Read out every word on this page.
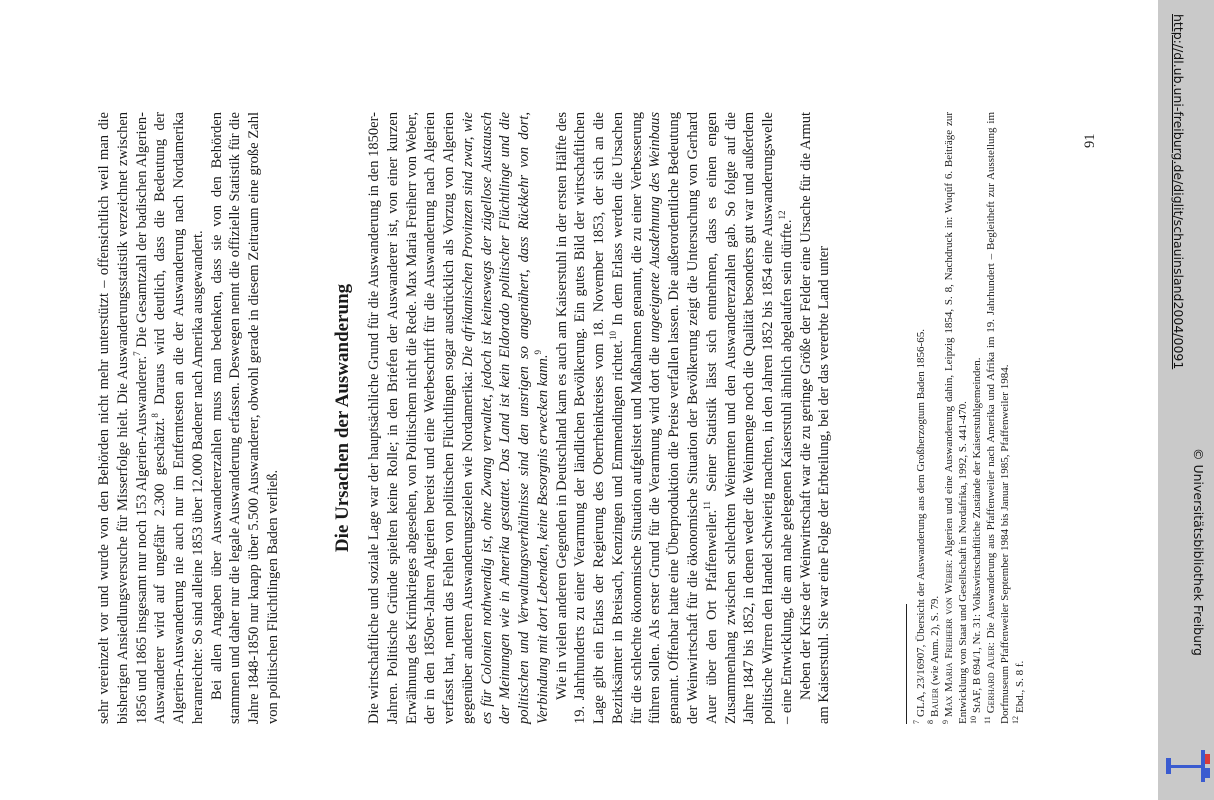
sehr vereinzelt vor und wurde von den Behörden nicht mehr unterstützt – offensichtlich weil man die bisherigen Ansiedlungsversuche für Misserfolge hielt. Die Auswanderungsstatistik verzeichnet zwischen 1856 und 1865 insgesamt nur noch 153 Algerien-Auswanderer.$^7$ Die Gesamtzahl der badischen Algerien-Auswanderer wird auf ungefähr 2.300 geschätzt.$^8$ Daraus wird deutlich, dass die Bedeutung der Algerien-Auswanderung nie auch nur im Entferntesten an die der Auswanderung nach Nordamerika heranreichte: So sind alleine 1853 über 12.000 Badener nach Amerika ausgewandert. Bei allen Angaben über Auswandererzahlen muss man bedenken, dass sie von den Behörden stammen und daher nur die legale Auswanderung erfassen. Deswegen nennt die offizielle Statistik für die Jahre 1848-1850 nur knapp über 5.500 Auswanderer, obwohl gerade in diesem Zeitraum eine große Zahl von politischen Flüchtlingen Baden verließ.

Die Ursachen der Auswanderung Die wirtschaftliche und soziale Lage war der hauptsächliche Grund für die Auswanderung in den 1850er-Jahren. Politische Gründe spielten keine Rolle; in den Briefen der Auswanderer ist, von einer kurzen Erwähnung des Krimkrieges abgesehen, von Politischem nicht die Rede. Max Maria Freiherr von Weber, der in den 1850er-Jahren Algerien bereist und eine Werbeschrift für die Auswanderung nach Algerien verfasst hat, nennt das Fehlen von politischen Flüchtlingen sogar ausdrücklich als Vorzug von Algerien gegenüber anderen Auswanderungszielen wie Nordamerika: Die afrikanischen Provinzen sind zwar, wie es für Colonien nothwendig ist, ohne Zwang verwaltet, jedoch ist keineswegs der zügellose Austausch der Meinungen wie in Amerika gestattet. Das Land ist kein Eldorado politischer Flüchtlinge und die politischen und Verwaltungsverhältnisse sind den unsrigen so angenähert, dass Rückkehr von dort, Verbindung mit dort Lebenden, keine Besorgnis erwecken kann.$^9$ Wie in vielen anderen Gegenden in Deutschland kam es auch am Kaiserstuhl in der ersten Hälfte des 19. Jahrhunderts zu einer Verarmung der ländlichen Bevölkerung. Ein gutes Bild der wirtschaftlichen Lage gibt ein Erlass der Regierung des Oberrheinkreises vom 18. November 1853, der sich an die Bezirksämter in Breisach, Kenzingen und Emmendingen richtet.$^{10}$ In dem Erlass werden die Ursachen für die schlechte ökonomische Situation aufgelistet und Maßnahmen genannt, die zu einer Verbesserung führen sollen. Als erster Grund für die Verarmung wird dort die ungeeignete Ausdehnung des Weinbaus genannt. Offenbar hatte eine Überproduktion die Preise verfallen lassen. Die außerordentliche Bedeutung der Weinwirtschaft für die ökonomische Situation der Bevölkerung zeigt die Untersuchung von Gerhard Auer über den Ort Pfaffenweiler.$^{11}$ Seiner Statistik lässt sich entnehmen, dass es einen engen Zusammenhang zwischen schlechten Weinernten und den Auswandererzahlen gab. So folgte auf die Jahre 1847 bis 1852, in denen weder die Weinmenge noch die Qualität besonders gut war und außerdem politische Wirren den Handel schwierig machten, in den Jahren 1852 bis 1854 eine Auswanderungswelle – eine Entwicklung, die am nahe gelegenen Kaiserstuhl ähnlich abgelaufen sein dürfte.$^{12}$ Neben der Krise der Weinwirtschaft war die zu geringe Größe der Felder eine Ursache für die Armut am Kaiserstuhl. Sie war eine Folge der Erbteilung, bei der das vererbte Land unter	$^7$GLA, 23/16907, Übersicht der Auswanderung aus dem Großherzogtum Baden 1856-65.

$^8$Bauer (wie Anm. 2), S. 79.

$^9$Max Maria Freiherr von Weber: Algerien und eine Auswanderung dahin, Leipzig 1854, S. 8, Nachdruck in: Wuqûf 6. Beiträge zur Entwicklung von Staat und Gesellschaft in Nordafrika, 1992, S. 441-470. $^{10}$StAF, B 694/1, Nr. 31: Volkswirtschaftliche Zustände der Kaiserstuhlgemeinden.

$^{11}$Gerhard Auer: Die Auswanderung aus Pfaffenweiler nach Amerika und Afrika im 19. Jahrhundert – Begleitheft zur Ausstellung im Dorfmuseum Pfaffenweiler September 1984 bis Januar 1985, Pfaffenweiler 1984. $^{12}$Ebd., S. 8 f.

91	http://dl.ub.uni-freiburg.de/diglit/schauinsland2004/0091
© Universitätsbibliothek Freiburg
